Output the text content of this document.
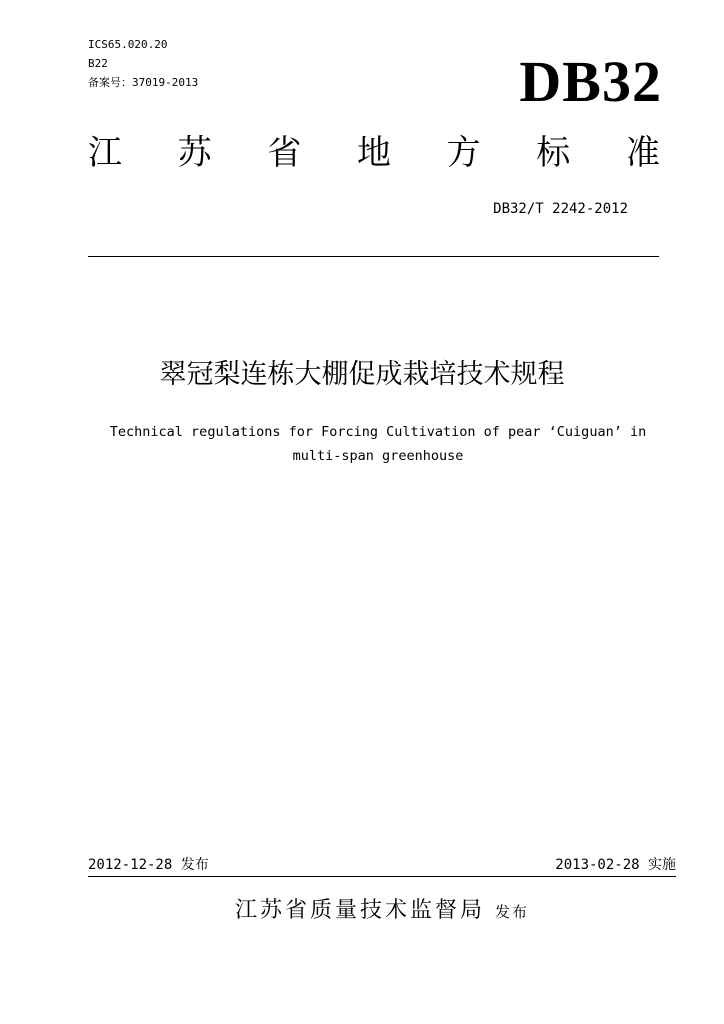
ICS65.020.20
B22
备案号：37019-2013	DB32
江 苏 省 地 方 标 准
DB32/T 2242-2012
翠冠梨连栋大棚促成栽培技术规程
Technical regulations for Forcing Cultivation of pear ‘Cuiguan’ in
multi-span greenhouse
2012-12-28 发布	2013-02-28 实施
江苏省质量技术监督局 发布
